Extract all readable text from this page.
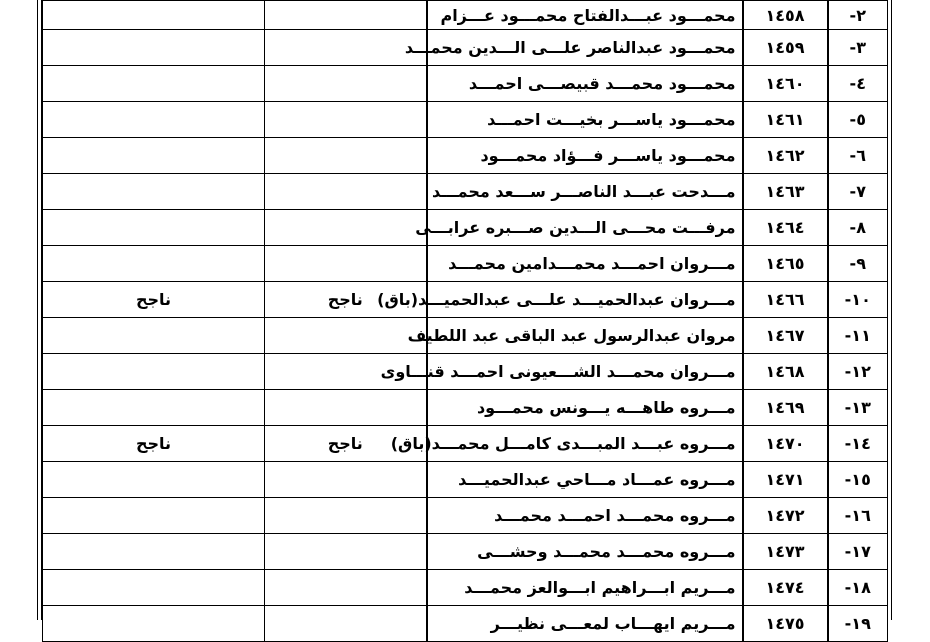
٢-	١٤٥٨	محمـــود عبـــدالفتاح محمـــود عـــزام		
٣-	١٤٥٩	محمـــود عبدالناصر علـــى الـــدين محمـــد		
٤-	١٤٦٠	محمـــود محمـــد قبيصـــى احمـــد		
٥-	١٤٦١	محمـــود ياســـر بخيـــت احمـــد		
٦-	١٤٦٢	محمـــود ياســـر فـــؤاد محمـــود		
٧-	١٤٦٣	مـــدحت عبـــد الناصـــر ســـعد محمـــد		
٨-	١٤٦٤	مرفـــت محـــى الـــدين صـــبره عرابـــى		
٩-	١٤٦٥	مـــروان احمـــد محمـــدامين محمـــد		
١٠-	١٤٦٦	مـــروان عبدالحميـــد علـــى عبدالحميـــد(باق)	ناجح	ناجح
١١-	١٤٦٧	مروان عبدالرسول عبد الباقى عبد اللطيف		
١٢-	١٤٦٨	مـــروان محمـــد الشـــعيونى احمـــد قنـــاوى		
١٣-	١٤٦٩	مـــروه طاهـــه يـــونس محمـــود		
١٤-	١٤٧٠	مـــروه عبـــد المبـــدى كامـــل محمـــد(باق)	ناجح	ناجح
١٥-	١٤٧١	مـــروه عمـــاد مـــاحي عبدالحميـــد		
١٦-	١٤٧٢	مـــروه محمـــد احمـــد محمـــد		
١٧-	١٤٧٣	مـــروه محمـــد محمـــد وحشـــى		
١٨-	١٤٧٤	مـــريم ابـــراهيم ابـــوالعز محمـــد		
١٩-	١٤٧٥	مـــريم ايهـــاب لمعـــى نظيـــر		
